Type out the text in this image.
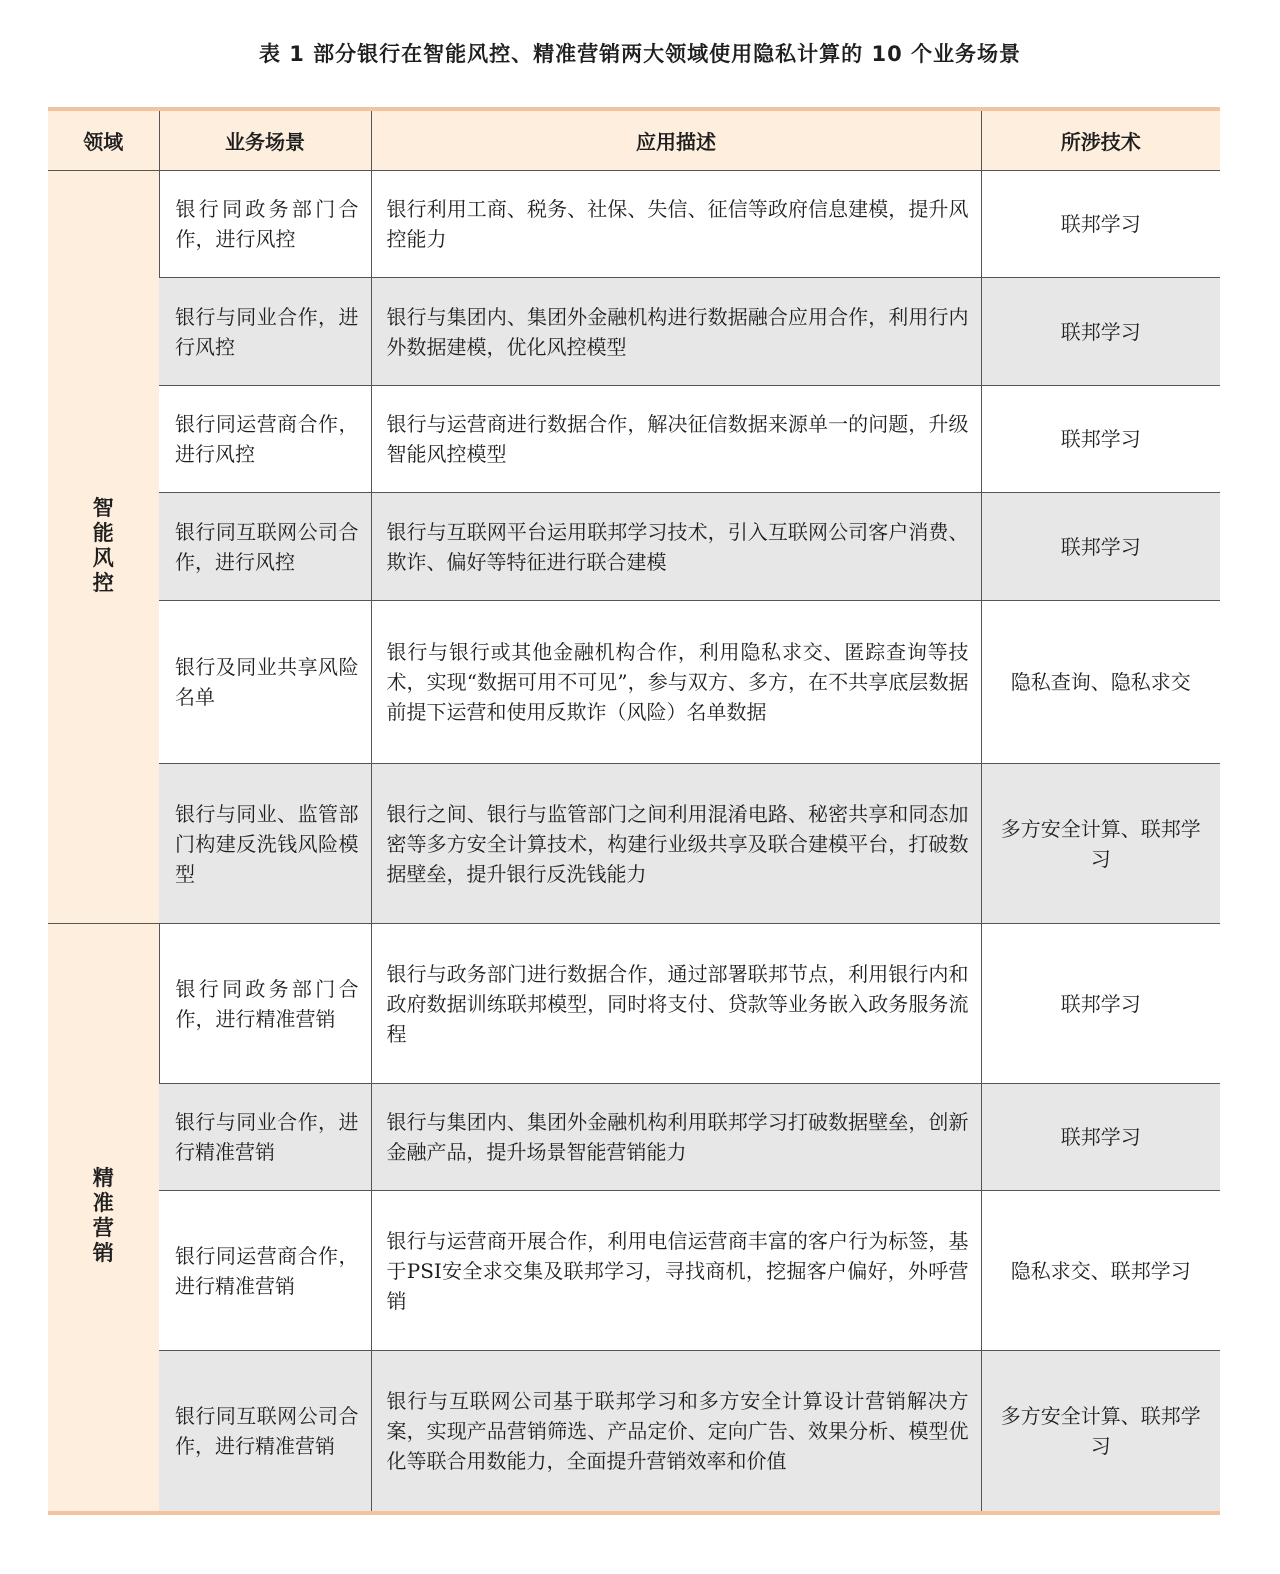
表 1 部分银行在智能风控、精准营销两大领域使用隐私计算的 10 个业务场景
领域	业务场景	应用描述	所涉技术
智能风控	银行同政务部门合作，进行风控	银行利用工商、税务、社保、失信、征信等政府信息建模，提升风控能力	联邦学习
	银行与同业合作，进行风控	银行与集团内、集团外金融机构进行数据融合应用合作，利用行内外数据建模，优化风控模型	联邦学习
	银行同运营商合作，进行风控	银行与运营商进行数据合作，解决征信数据来源单一的问题，升级智能风控模型	联邦学习
	银行同互联网公司合作，进行风控	银行与互联网平台运用联邦学习技术，引入互联网公司客户消费、欺诈、偏好等特征进行联合建模	联邦学习
	银行及同业共享风险名单	银行与银行或其他金融机构合作，利用隐私求交、匿踪查询等技术，实现“数据可用不可见”，参与双方、多方，在不共享底层数据前提下运营和使用反欺诈（风险）名单数据	隐私查询、隐私求交
	银行与同业、监管部门构建反洗钱风险模型	银行之间、银行与监管部门之间利用混淆电路、秘密共享和同态加密等多方安全计算技术，构建行业级共享及联合建模平台，打破数据壁垒，提升银行反洗钱能力	多方安全计算、联邦学习
精准营销	银行同政务部门合作，进行精准营销	银行与政务部门进行数据合作，通过部署联邦节点，利用银行内和政府数据训练联邦模型，同时将支付、贷款等业务嵌入政务服务流程	联邦学习
	银行与同业合作，进行精准营销	银行与集团内、集团外金融机构利用联邦学习打破数据壁垒，创新金融产品，提升场景智能营销能力	联邦学习
	银行同运营商合作，进行精准营销	银行与运营商开展合作，利用电信运营商丰富的客户行为标签，基于PSI安全求交集及联邦学习，寻找商机，挖掘客户偏好，外呼营销	隐私求交、联邦学习
	银行同互联网公司合作，进行精准营销	银行与互联网公司基于联邦学习和多方安全计算设计营销解决方案，实现产品营销筛选、产品定价、定向广告、效果分析、模型优化等联合用数能力，全面提升营销效率和价值	多方安全计算、联邦学习
